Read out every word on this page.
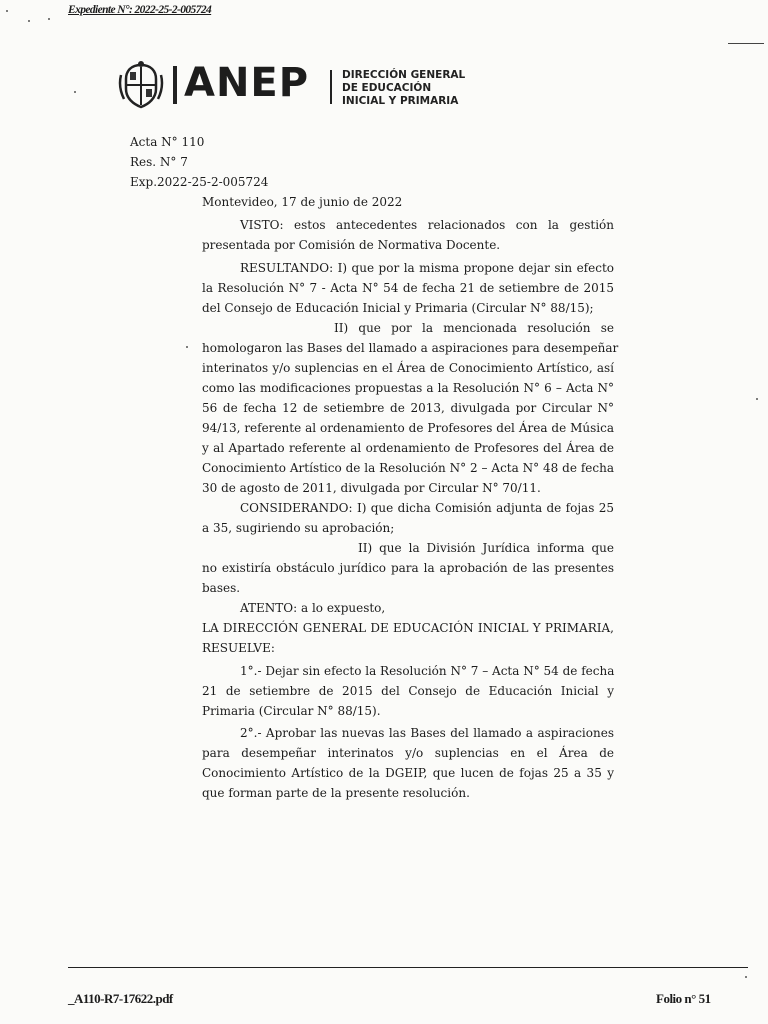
Expediente N°: 2022-25-2-005724
ANEP	DIRECCIÓN GENERAL
DE EDUCACIÓN
INICIAL Y PRIMARIA
Acta N° 110
Res. N° 7
Exp.2022-25-2-005724
Montevideo, 17 de junio de 2022
VISTO: estos antecedentes relacionados con la gestión
presentada por Comisión de Normativa Docente.
RESULTANDO: I) que por la misma propone dejar sin efecto
la Resolución N° 7 - Acta N° 54 de fecha 21 de setiembre de 2015
del Consejo de Educación Inicial y Primaria (Circular N° 88/15);
II) que por la mencionada resolución se
homologaron las Bases del llamado a aspiraciones para desempeñar
interinatos y/o suplencias en el Área de Conocimiento Artístico, así
como las modificaciones propuestas a la Resolución N° 6 – Acta N°
56 de fecha 12 de setiembre de 2013, divulgada por Circular N°
94/13, referente al ordenamiento de Profesores del Área de Música
y al Apartado referente al ordenamiento de Profesores del Área de
Conocimiento Artístico de la Resolución N° 2 – Acta N° 48 de fecha
30 de agosto de 2011, divulgada por Circular N° 70/11.
CONSIDERANDO: I) que dicha Comisión adjunta de fojas 25
a 35, sugiriendo su aprobación;
II) que la División Jurídica informa que
no existiría obstáculo jurídico para la aprobación de las presentes
bases.
ATENTO: a lo expuesto,
LA DIRECCIÓN GENERAL DE EDUCACIÓN INICIAL Y PRIMARIA,
RESUELVE:
1°.- Dejar sin efecto la Resolución N° 7 – Acta N° 54 de fecha
21 de setiembre de 2015 del Consejo de Educación Inicial y
Primaria (Circular N° 88/15).
2°.- Aprobar las nuevas las Bases del llamado a aspiraciones
para desempeñar interinatos y/o suplencias en el Área de
Conocimiento Artístico de la DGEIP, que lucen de fojas 25 a 35 y
que forman parte de la presente resolución.
_A110-R7-17622.pdf	Folio n° 51
